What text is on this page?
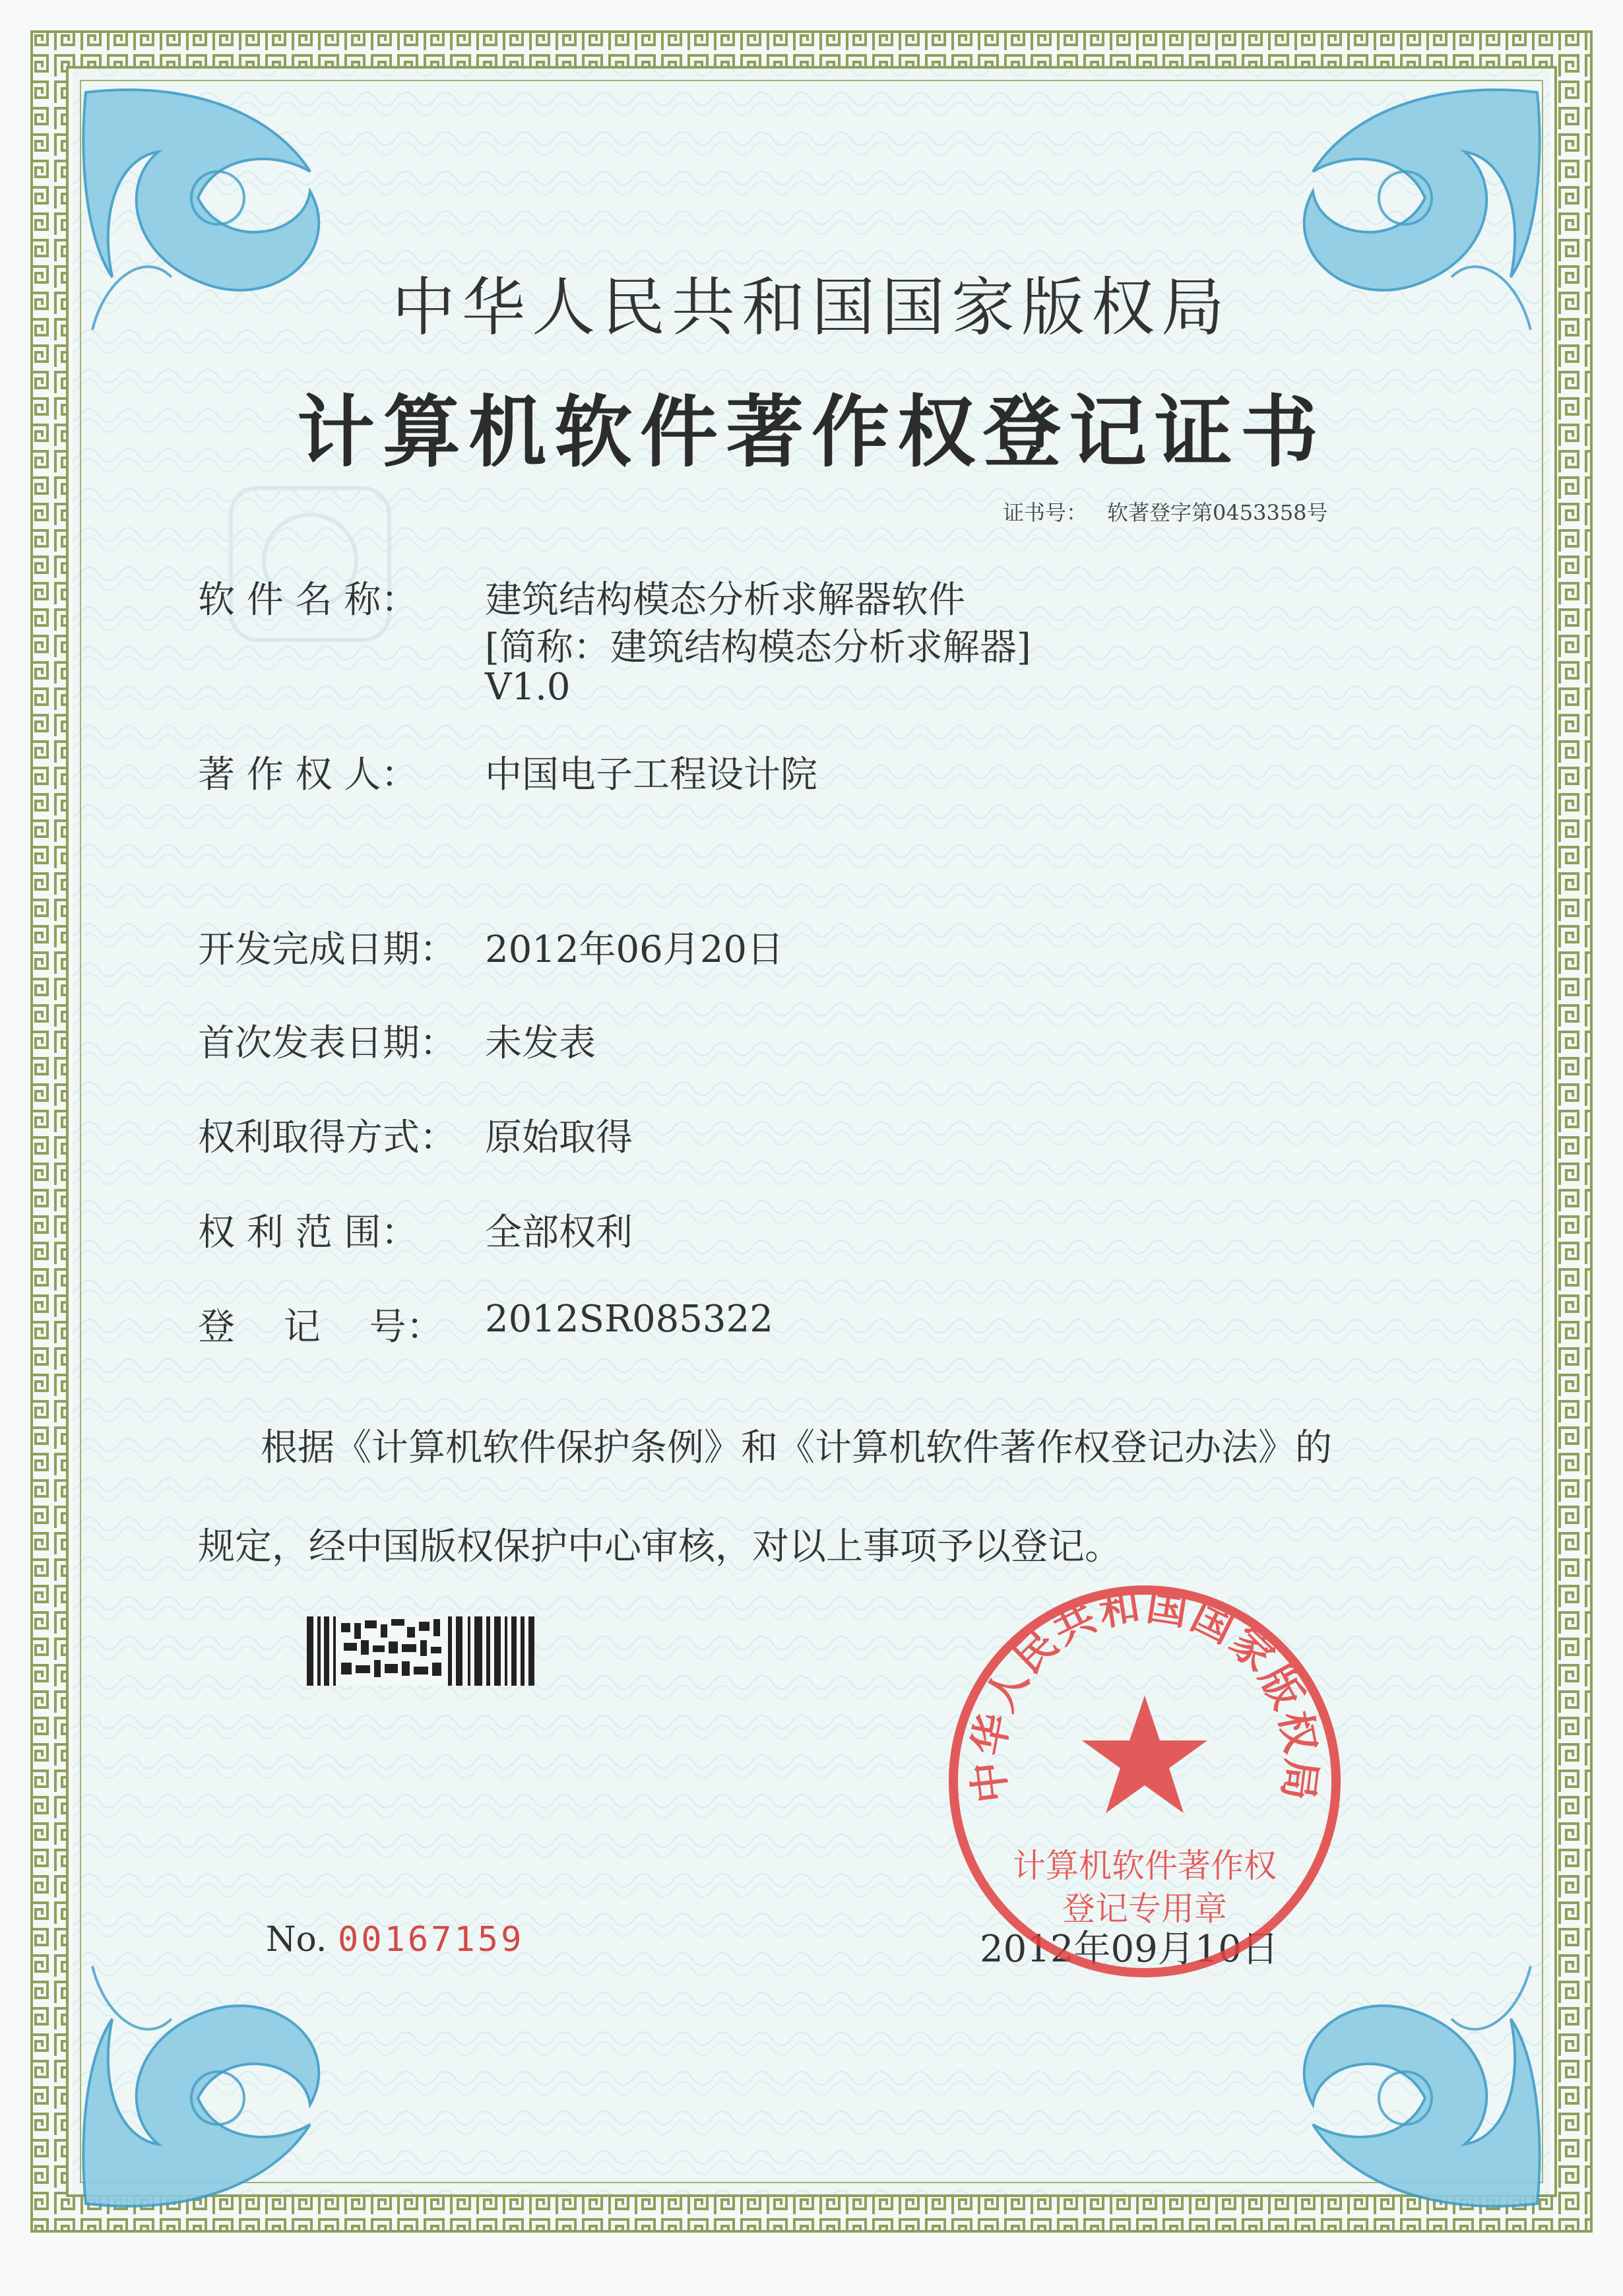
中华人民共和国国家版权局
计算机软件著作权登记证书
证书号： 软著登字第0453358号
软 件 名 称： 建筑结构模态分析求解器软件
[简称：建筑结构模态分析求解器]
V1.0
著 作 权 人： 中国电子工程设计院
开发完成日期： 2012年06月20日
首次发表日期： 未发表
权利取得方式： 原始取得
权 利 范 围： 全部权利
登　 记　 号： 2012SR085322
根据《计算机软件保护条例》和《计算机软件著作权登记办法》的
规定，经中国版权保护中心审核，对以上事项予以登记。
No. 00167159	2012年09月10日
中华人民共和国国家版权局
计算机软件著作权
登记专用章
